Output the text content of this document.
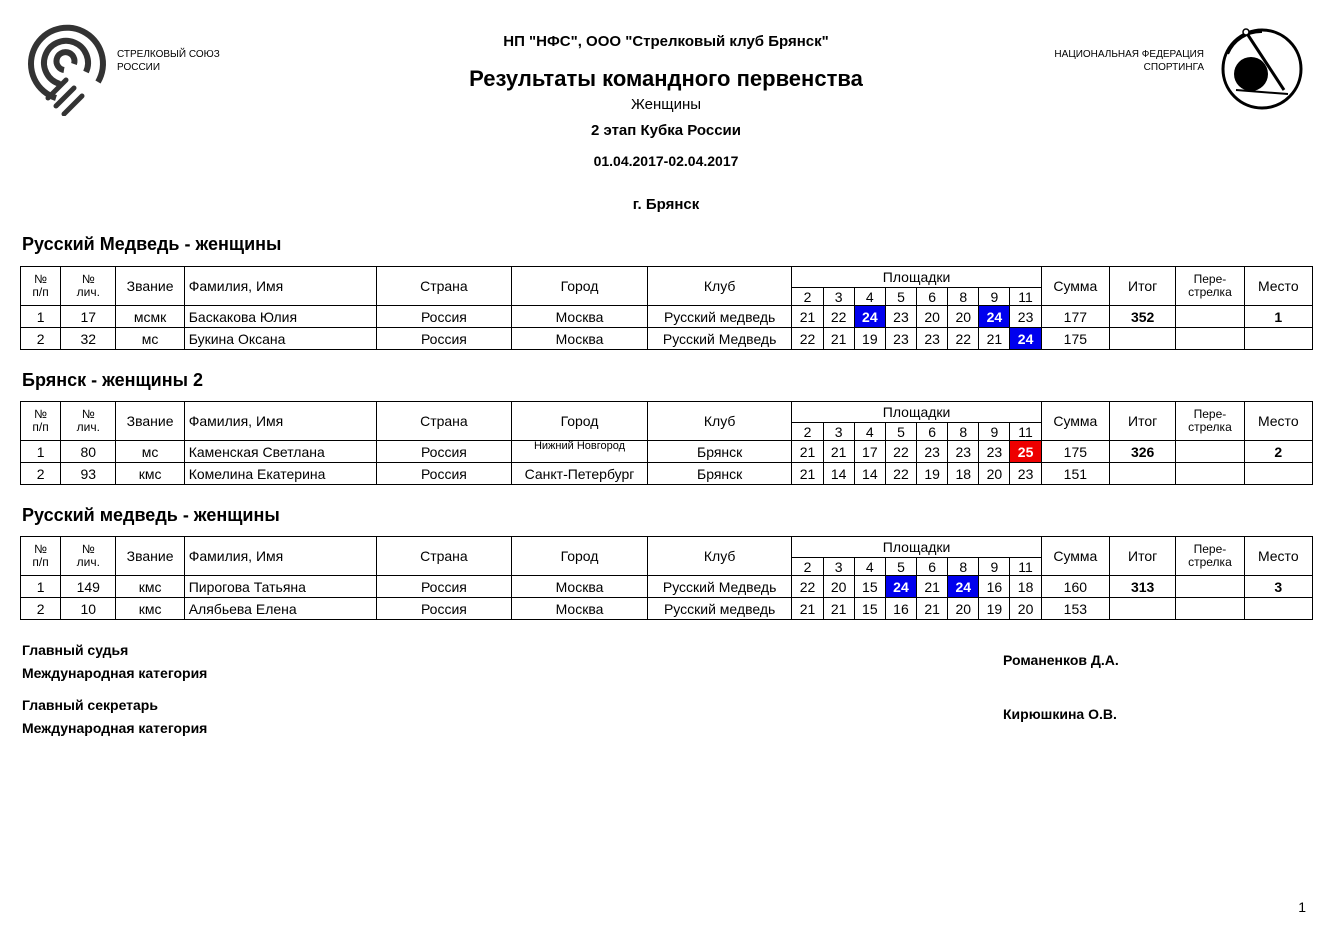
СТРЕЛКОВЫЙ СОЮЗ
РОССИИ
НАЦИОНАЛЬНАЯ ФЕДЕРАЦИЯ
СПОРТИНГА
НП "НФС", ООО "Стрелковый клуб Брянск"
Результаты командного первенства
Женщины
2 этап Кубка России
01.04.2017-02.04.2017
г. Брянск
Русский Медведь - женщины
№
п/п	№
лич.	Звание	Фамилия, Имя	Страна	Город	Клуб	Площадки								Сумма	Итог	Пере-
стрелка	Место
							2	3	4	5	6	8	9	11				
1	17	мсмк	Баскакова Юлия	Россия	Москва	Русский медведь	21	22	24	23	20	20	24	23	177	352		1
2	32	мс	Букина Оксана	Россия	Москва	Русский Медведь	22	21	19	23	23	22	21	24	175			
Брянск - женщины 2
№
п/п	№
лич.	Звание	Фамилия, Имя	Страна	Город	Клуб	Площадки								Сумма	Итог	Пере-
стрелка	Место
							2	3	4	5	6	8	9	11				
1	80	мс	Каменская Светлана	Россия	Нижний Новгород	Брянск	21	21	17	22	23	23	23	25	175	326		2
2	93	кмс	Комелина Екатерина	Россия	Санкт-Петербург	Брянск	21	14	14	22	19	18	20	23	151			
Русский медведь - женщины
№
п/п	№
лич.	Звание	Фамилия, Имя	Страна	Город	Клуб	Площадки								Сумма	Итог	Пере-
стрелка	Место
							2	3	4	5	6	8	9	11				
1	149	кмс	Пирогова Татьяна	Россия	Москва	Русский Медведь	22	20	15	24	21	24	16	18	160	313		3
2	10	кмс	Алябьева Елена	Россия	Москва	Русский медведь	21	21	15	16	21	20	19	20	153			
Главный судья
Международная категория
Романенков Д.А.
Главный секретарь
Международная категория
Кирюшкина О.В.
1
